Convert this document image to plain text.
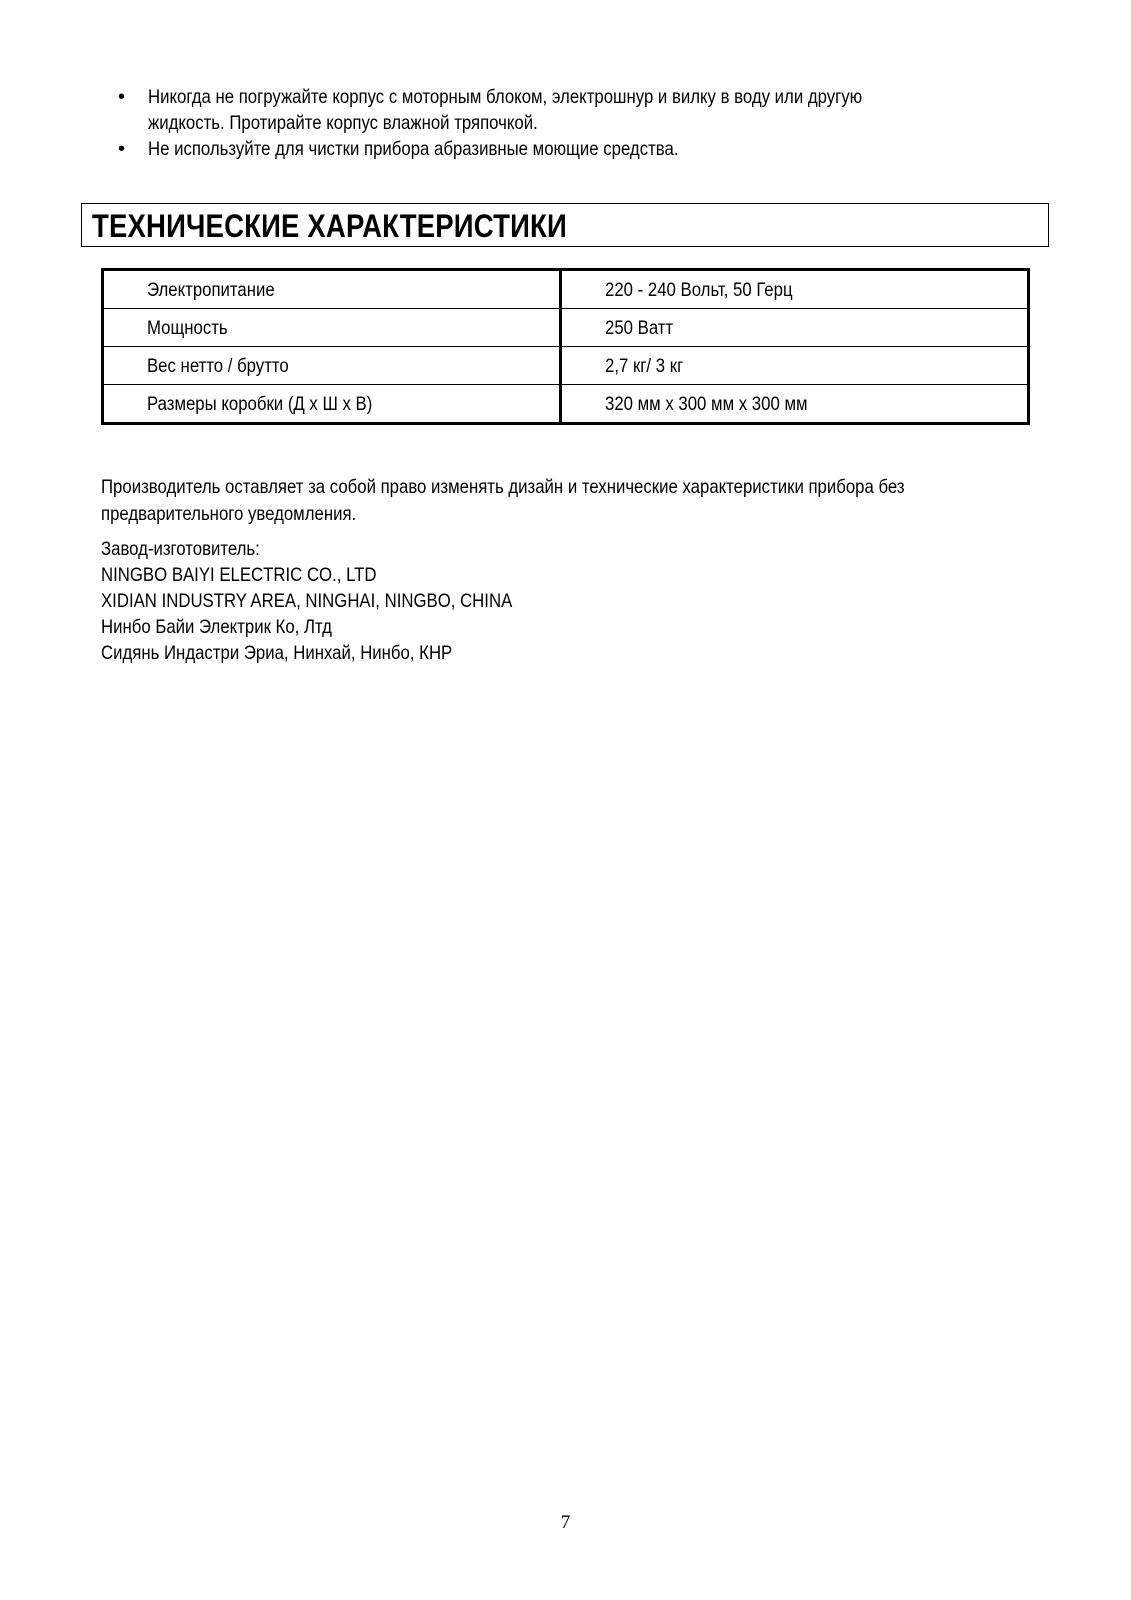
• Никогда не погружайте корпус с моторным блоком, электрошнур и вилку в воду или другую
жидкость. Протирайте корпус влажной тряпочкой.
• Не используйте для чистки прибора абразивные моющие средства.
ТЕХНИЧЕСКИЕ ХАРАКТЕРИСТИКИ
Электропитание	220 - 240 Вольт, 50 Герц
Мощность	250 Ватт
Вес нетто / брутто	2,7 кг/ 3 кг
Размеры коробки (Д х Ш х В)	320 мм х 300 мм х 300 мм
Производитель оставляет за собой право изменять дизайн и технические характеристики прибора без
предварительного уведомления.
Завод-изготовитель:
NINGBO BAIYI ELECTRIC CO., LTD
XIDIAN INDUSTRY AREA, NINGHAI, NINGBO, CHINA
Нинбо Байи Электрик Ко, Лтд
Сидянь Индастри Эриа, Нинхай, Нинбо, КНР
7
